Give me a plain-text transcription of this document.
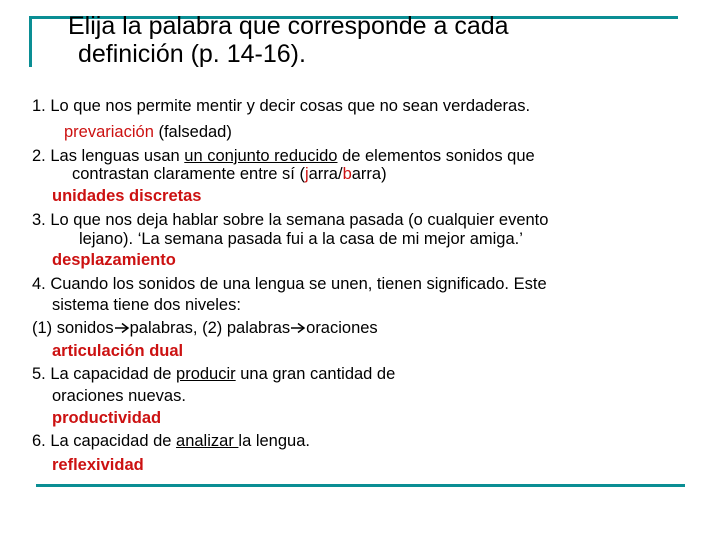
Elija la palabra que corresponde a cada
definición (p. 14-16).
1. Lo que nos permite mentir y decir cosas que no sean verdaderas.
prevariación (falsedad)
2. Las lenguas usan un conjunto reducido de elementos sonidos que
contrastan claramente entre sí (jarra/barra)
unidades discretas
3. Lo que nos deja hablar sobre la semana pasada (o cualquier evento
lejano). ‘La semana pasada fui a la casa de mi mejor amiga.’
desplazamiento
4. Cuando los sonidos de una lengua se unen, tienen significado. Este
sistema tiene dos niveles:
(1) sonidos palabras, (2) palabras oraciones
articulación dual
5. La capacidad de producir una gran cantidad de
oraciones nuevas.
productividad
6. La capacidad de analizar la lengua.
reflexividad
